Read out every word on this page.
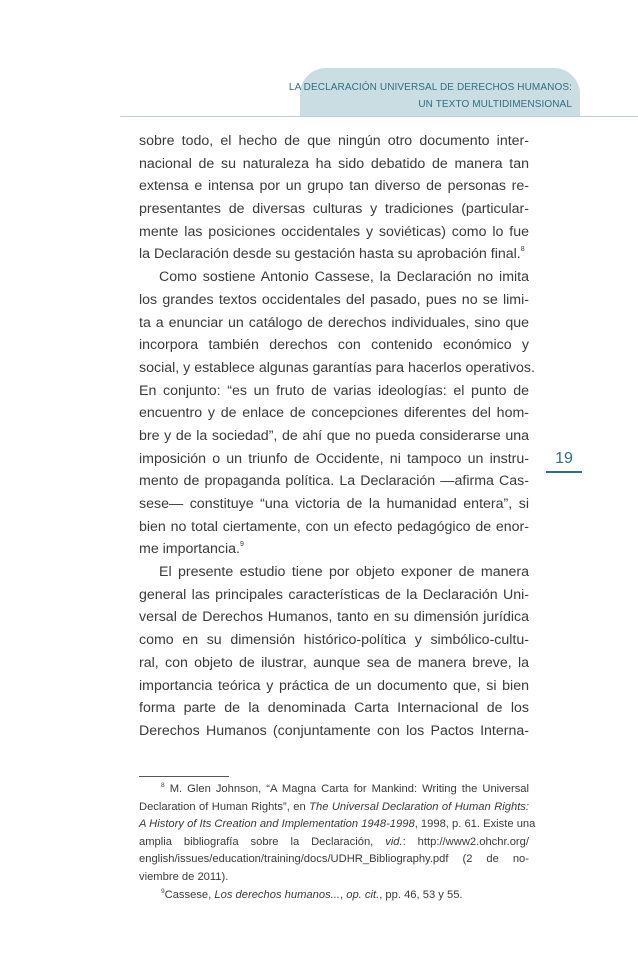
LA DECLARACIÓN UNIVERSAL DE DERECHOS HUMANOS:
UN TEXTO MULTIDIMENSIONAL
sobre todo, el hecho de que ningún otro documento inter-
nacional de su naturaleza ha sido debatido de manera tan
extensa e intensa por un grupo tan diverso de personas re-
presentantes de diversas culturas y tradiciones (particular-
mente las posiciones occidentales y soviéticas) como lo fue
la Declaración desde su gestación hasta su aprobación final.$^8$
Como sostiene Antonio Cassese, la Declaración no imita
los grandes textos occidentales del pasado, pues no se limi-
ta a enunciar un catálogo de derechos individuales, sino que
incorpora también derechos con contenido económico y
social, y establece algunas garantías para hacerlos operativos.
En conjunto: “es un fruto de varias ideologías: el punto de
encuentro y de enlace de concepciones diferentes del hom-
bre y de la sociedad”, de ahí que no pueda considerarse una
imposición o un triunfo de Occidente, ni tampoco un instru-
mento de propaganda política. La Declaración —afirma Cas-
sese— constituye “una victoria de la humanidad entera”, si
bien no total ciertamente, con un efecto pedagógico de enor-
me importancia.$^9$
El presente estudio tiene por objeto exponer de manera
general las principales características de la Declaración Uni-
versal de Derechos Humanos, tanto en su dimensión jurídica
como en su dimensión histórico-política y simbólico-cultu-
ral, con objeto de ilustrar, aunque sea de manera breve, la
importancia teórica y práctica de un documento que, si bien
forma parte de la denominada Carta Internacional de los
Derechos Humanos (conjuntamente con los Pactos Interna-
19
$^8$ M. Glen Johnson, “A Magna Carta for Mankind: Writing the Universal
Declaration of Human Rights”, en The Universal Declaration of Human Rights:
A History of Its Creation and Implementation 1948-1998, 1998, p. 61. Existe una
amplia bibliografía sobre la Declaración, vid.: http://www2.ohchr.org/
english/issues/education/training/docs/UDHR_Bibliography.pdf (2 de no-
viembre de 2011).
$^9$Cassese, Los derechos humanos..., op. cit., pp. 46, 53 y 55.
